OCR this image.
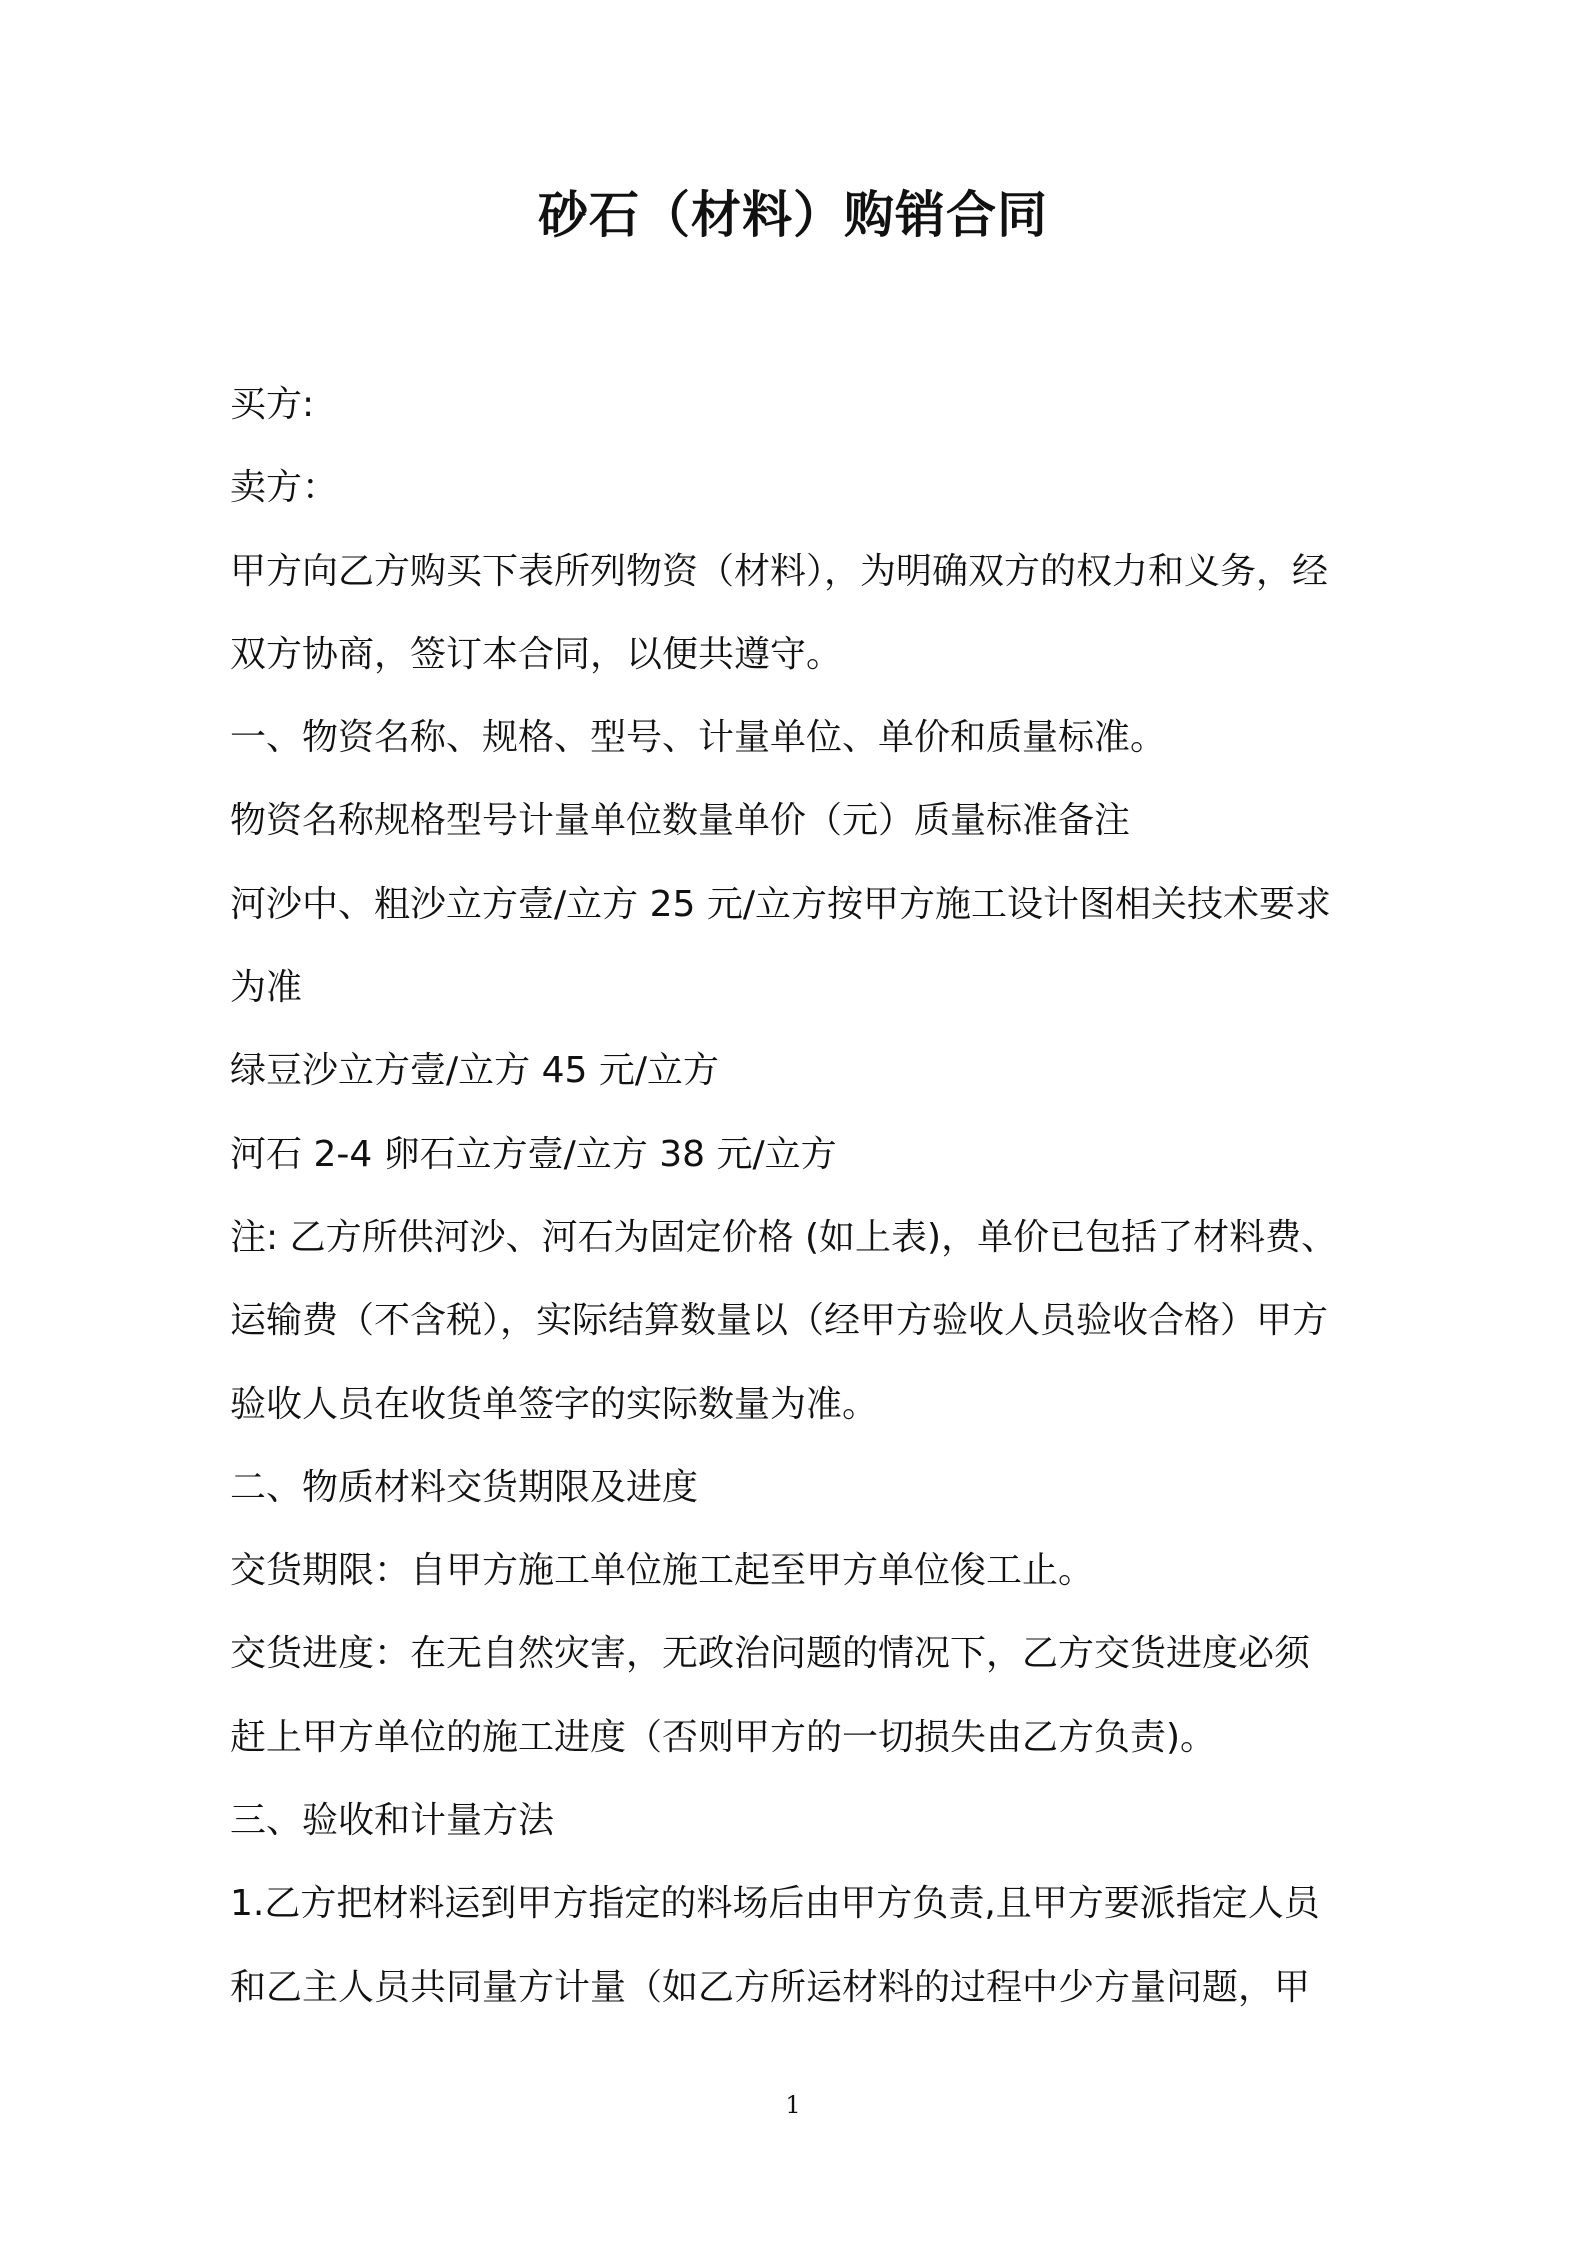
砂石（材料）购销合同

买方:

卖方：

甲方向乙方购买下表所列物资（材料），为明确双方的权力和义务，经

双方协商，签订本合同，以便共遵守。

一、物资名称、规格、型号、计量单位、单价和质量标准。

物资名称规格型号计量单位数量单价（元）质量标准备注

河沙中、粗沙立方壹/立方 25 元/立方按甲方施工设计图相关技术要求

为准

绿豆沙立方壹/立方 45 元/立方

河石 2-4 卵石立方壹/立方 38 元/立方

注: 乙方所供河沙、河石为固定价格 (如上表)，单价已包括了材料费、

运输费（不含税），实际结算数量以（经甲方验收人员验收合格）甲方

验收人员在收货单签字的实际数量为准。

二、物质材料交货期限及进度

交货期限：自甲方施工单位施工起至甲方单位俊工止。

交货进度：在无自然灾害，无政治问题的情况下，乙方交货进度必须

赶上甲方单位的施工进度（否则甲方的一切损失由乙方负责)。

三、验收和计量方法

1.乙方把材料运到甲方指定的料场后由甲方负责,且甲方要派指定人员

和乙主人员共同量方计量（如乙方所运材料的过程中少方量问题，甲

1
